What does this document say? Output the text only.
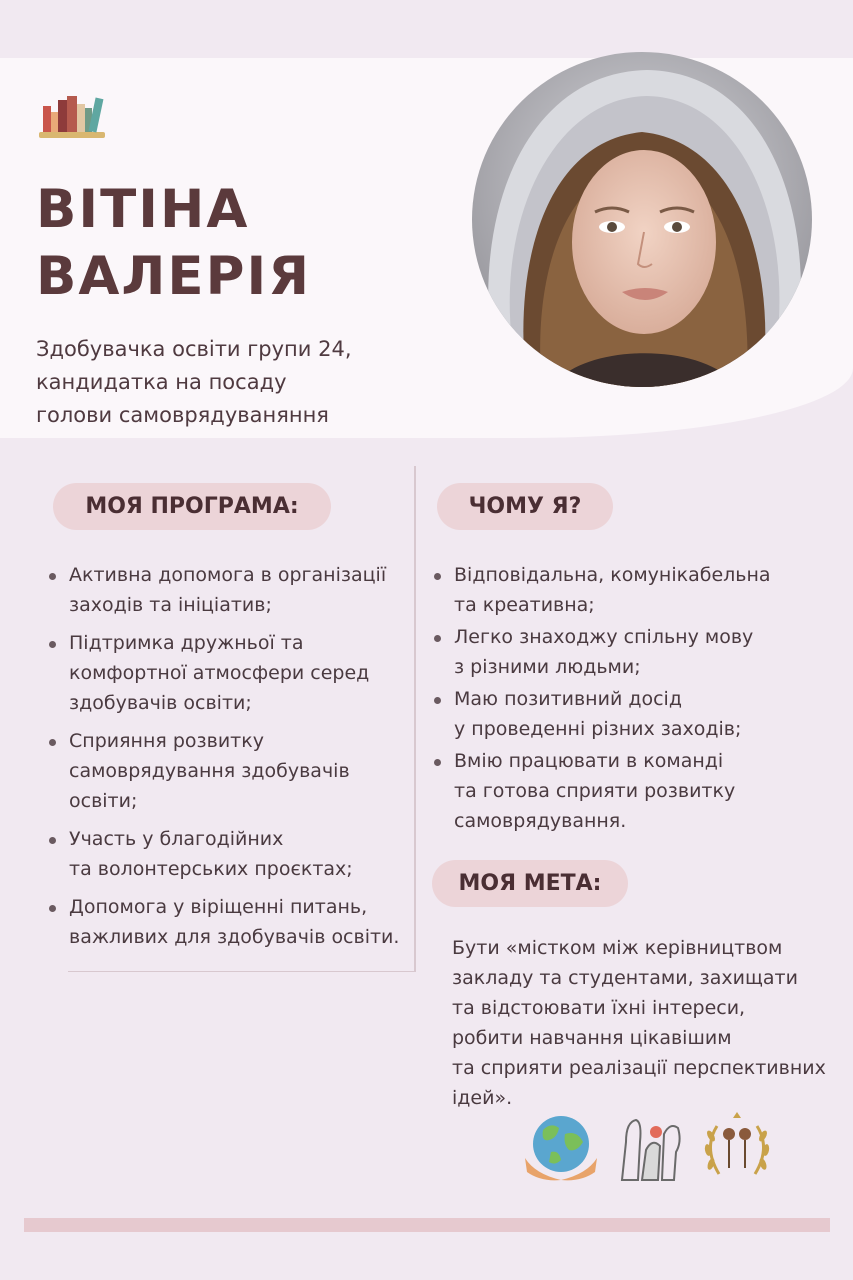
ВІТІНА
ВАЛЕРІЯ
Здобувачка освіти групи 24,
кандидатка на посаду
голови самоврядуваняння
МОЯ ПРОГРАМА:
Активна допомога в організації
заходів та ініціатив;
Підтримка дружньої та
комфортної атмосфери серед
здобувачів освіти;
Сприяння розвитку
самоврядування здобувачів
освіти;
Участь у благодійних
та волонтерських проєктах;
Допомога у віріщенні питань,
важливих для здобувачів освіти.
ЧОМУ Я?
Відповідальна, комунікабельна
та креативна;
Легко знаходжу спільну мову
з різними людьми;
Маю позитивний досід
у проведенні різних заходів;
Вмію працювати в команді
та готова сприяти розвитку
самоврядування.
МОЯ МЕТА:
Бути «містком між керівництвом
закладу та студентами, захищати
та відстоювати їхні інтереси,
робити навчання цікавішим
та сприяти реалізації перспективних
ідей».
